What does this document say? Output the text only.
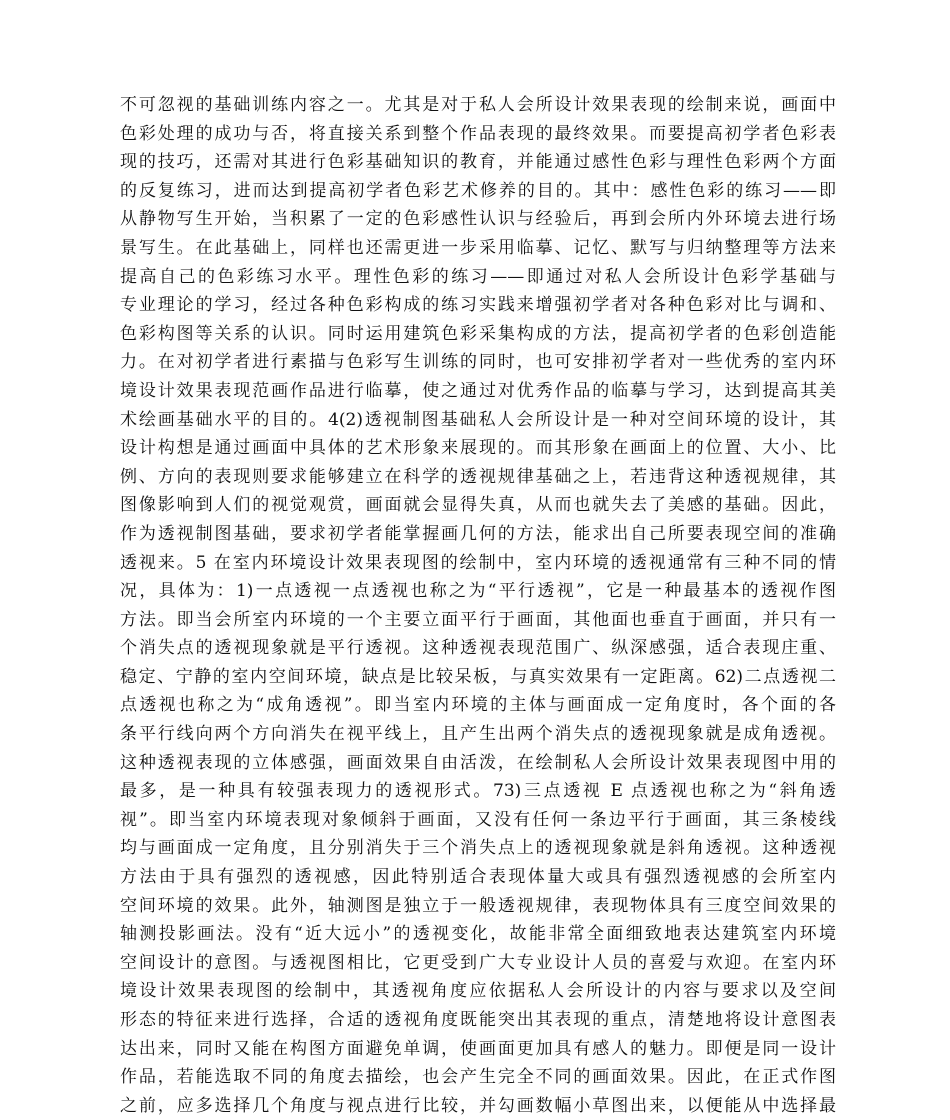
不可忽视的基础训练内容之一。尤其是对于私人会所设计效果表现的绘制来说，画面中
色彩处理的成功与否，将直接关系到整个作品表现的最终效果。而要提高初学者色彩表
现的技巧，还需对其进行色彩基础知识的教育，并能通过感性色彩与理性色彩两个方面
的反复练习，进而达到提高初学者色彩艺术修养的目的。其中：感性色彩的练习——即
从静物写生开始，当积累了一定的色彩感性认识与经验后，再到会所内外环境去进行场
景写生。在此基础上，同样也还需更进一步采用临摹、记忆、默写与归纳整理等方法来
提高自己的色彩练习水平。理性色彩的练习——即通过对私人会所设计色彩学基础与
专业理论的学习，经过各种色彩构成的练习实践来增强初学者对各种色彩对比与调和、
色彩构图等关系的认识。同时运用建筑色彩采集构成的方法，提高初学者的色彩创造能
力。在对初学者进行素描与色彩写生训练的同时，也可安排初学者对一些优秀的室内环
境设计效果表现范画作品进行临摹，使之通过对优秀作品的临摹与学习，达到提高其美
术绘画基础水平的目的。4(2)透视制图基础私人会所设计是一种对空间环境的设计，其
设计构想是通过画面中具体的艺术形象来展现的。而其形象在画面上的位置、大小、比
例、方向的表现则要求能够建立在科学的透视规律基础之上，若违背这种透视规律，其
图像影响到人们的视觉观赏，画面就会显得失真，从而也就失去了美感的基础。因此，
作为透视制图基础，要求初学者能掌握画几何的方法，能求出自己所要表现空间的准确
透视来。5 在室内环境设计效果表现图的绘制中，室内环境的透视通常有三种不同的情
况，具体为：1)一点透视一点透视也称之为“平行透视”，它是一种最基本的透视作图
方法。即当会所室内环境的一个主要立面平行于画面，其他面也垂直于画面，并只有一
个消失点的透视现象就是平行透视。这种透视表现范围广、纵深感强，适合表现庄重、
稳定、宁静的室内空间环境，缺点是比较呆板，与真实效果有一定距离。62)二点透视二
点透视也称之为“成角透视”。即当室内环境的主体与画面成一定角度时，各个面的各
条平行线向两个方向消失在视平线上，且产生出两个消失点的透视现象就是成角透视。
这种透视表现的立体感强，画面效果自由活泼，在绘制私人会所设计效果表现图中用的
最多，是一种具有较强表现力的透视形式。73)三点透视 E 点透视也称之为“斜角透
视”。即当室内环境表现对象倾斜于画面，又没有任何一条边平行于画面，其三条棱线
均与画面成一定角度，且分别消失于三个消失点上的透视现象就是斜角透视。这种透视
方法由于具有强烈的透视感，因此特别适合表现体量大或具有强烈透视感的会所室内
空间环境的效果。此外，轴测图是独立于一般透视规律，表现物体具有三度空间效果的
轴测投影画法。没有“近大远小”的透视变化，故能非常全面细致地表达建筑室内环境
空间设计的意图。与透视图相比，它更受到广大专业设计人员的喜爱与欢迎。在室内环
境设计效果表现图的绘制中，其透视角度应依据私人会所设计的内容与要求以及空间
形态的特征来进行选择，合适的透视角度既能突出其表现的重点，清楚地将设计意图表
达出来，同时又能在构图方面避免单调，使画面更加具有感人的魅力。即便是同一设计
作品，若能选取不同的角度去描绘，也会产生完全不同的画面效果。因此，在正式作图
之前，应多选择几个角度与视点进行比较，并勾画数幅小草图出来，以便能从中选择最
